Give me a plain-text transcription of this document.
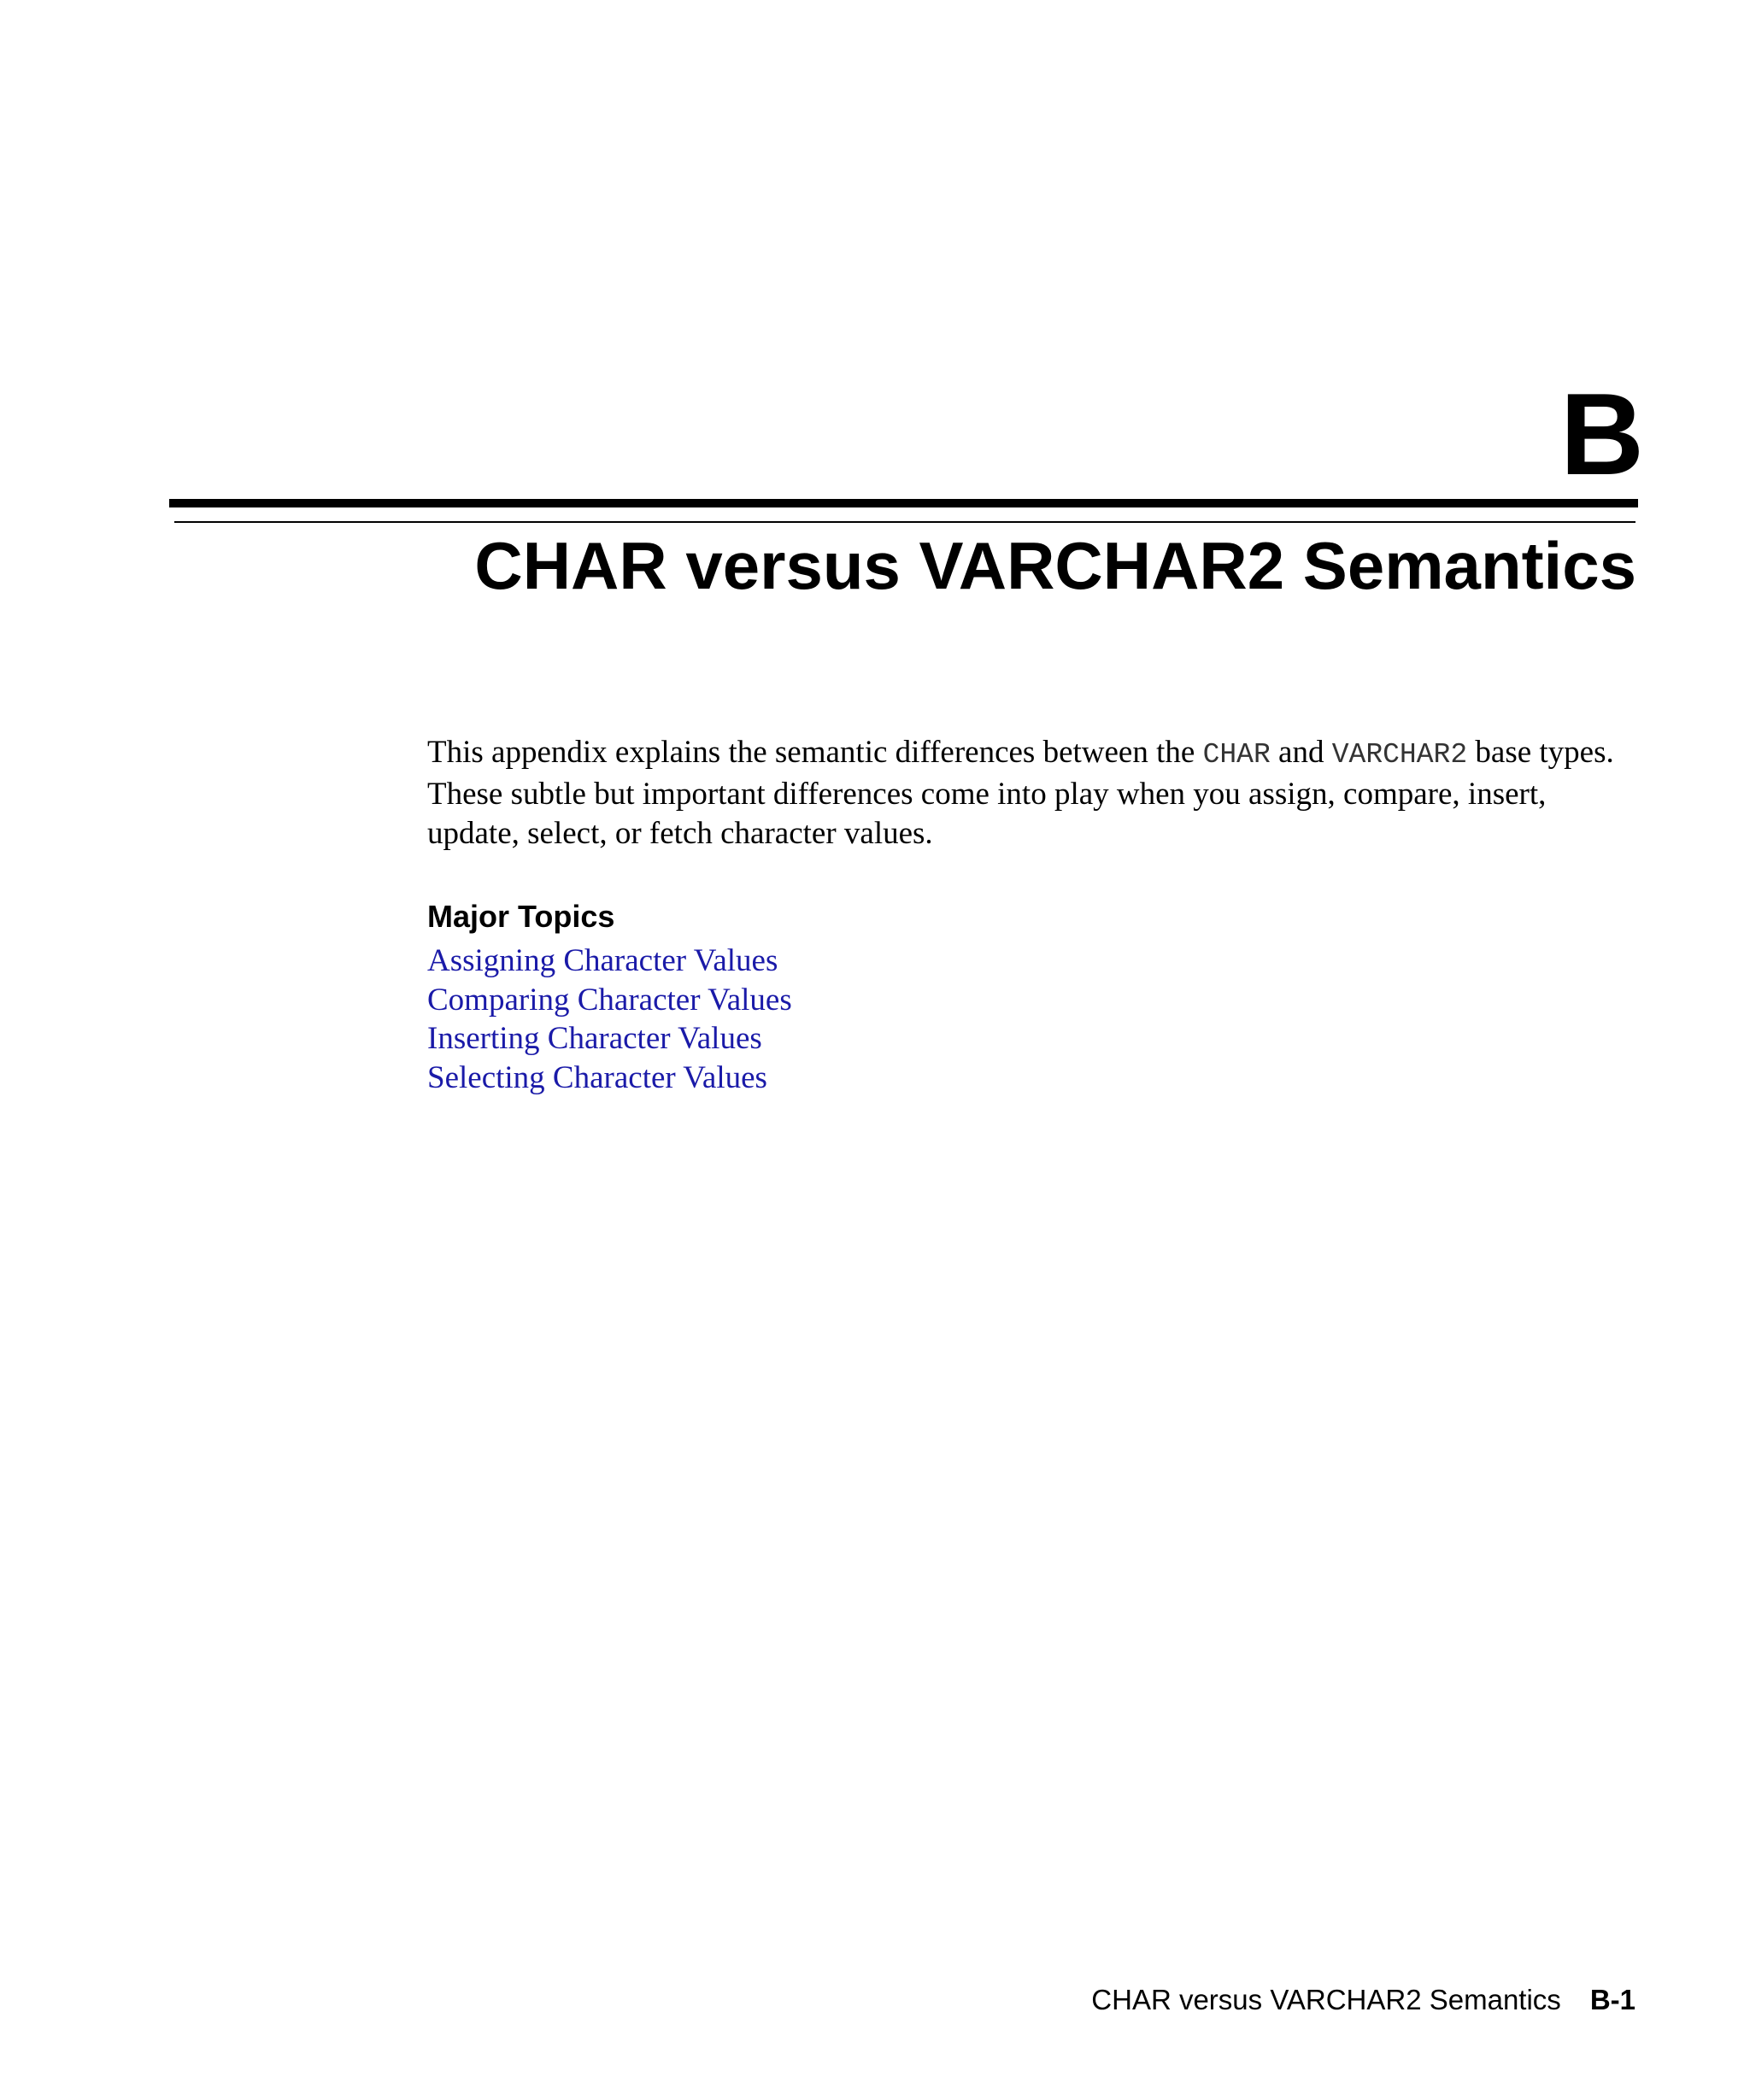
B
CHAR versus VARCHAR2 Semantics

This appendix explains the semantic differences between the CHAR and VARCHAR2 base types. These subtle but important differences come into play when you assign, compare, insert, update, select, or fetch character values.

Major Topics
Assigning Character Values
Comparing Character Values
Inserting Character Values
Selecting Character Values
CHAR versus VARCHAR2 Semantics B-1
